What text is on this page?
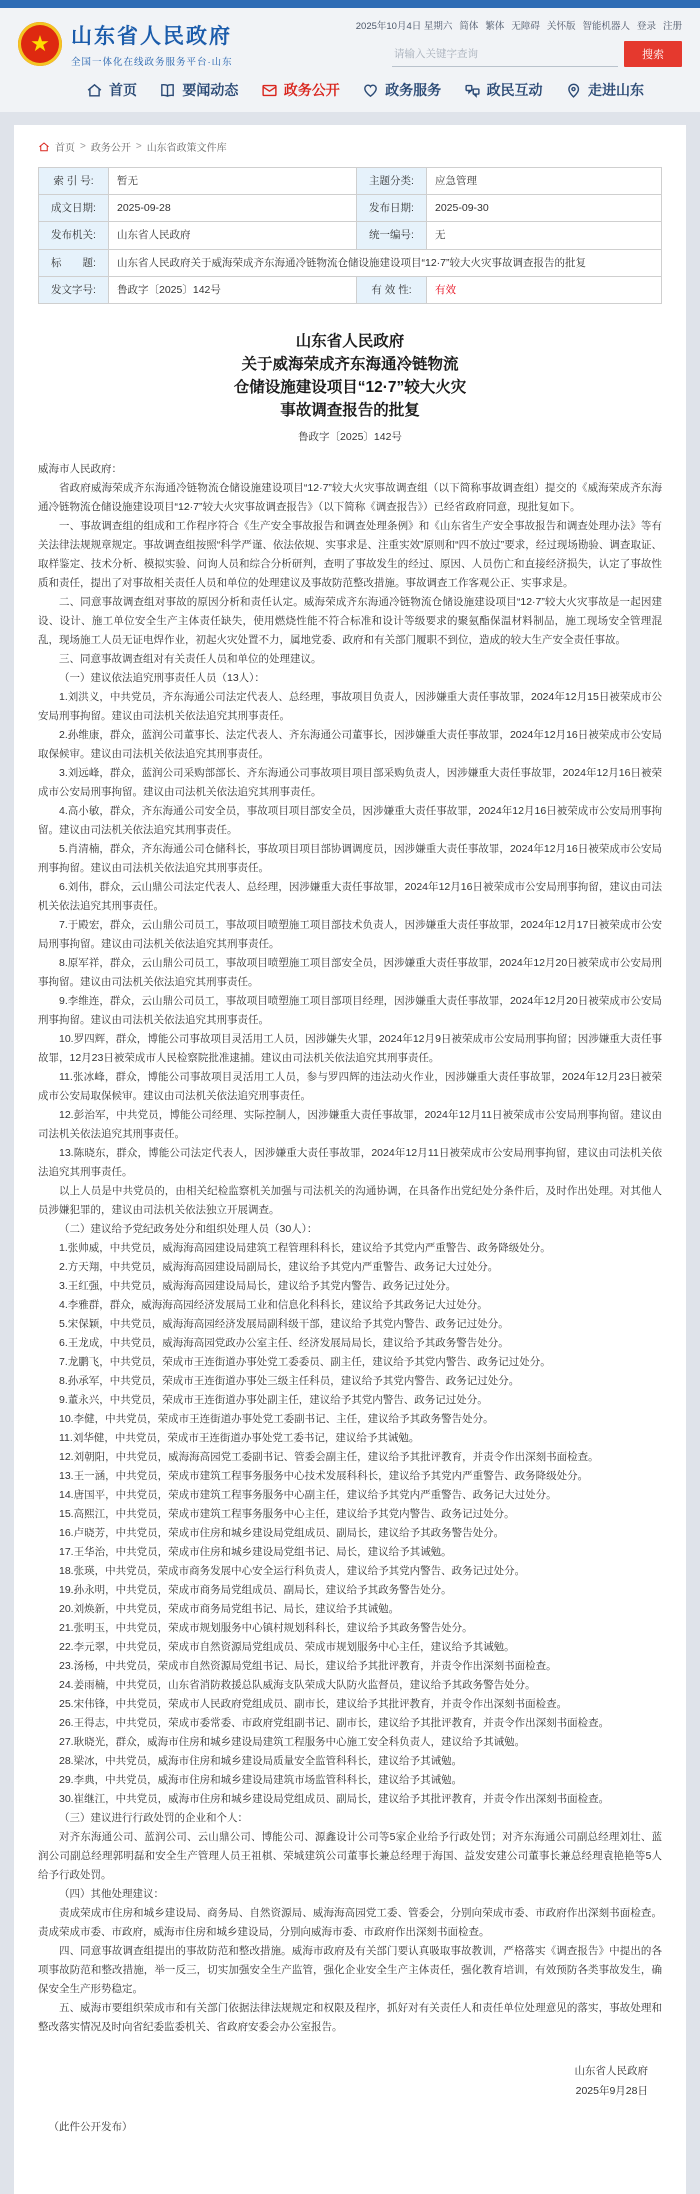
★	山东省人民政府
全国一体化在线政务服务平台·山东
2025年10月4日 星期六 简体 繁体 无障碍 关怀版 智能机器人 登录 注册
请输入关键字查询
搜索
首页	要闻动态	政务公开	政务服务	政民互动	走进山东
首页 > 政务公开 > 山东省政策文件库
索 引 号:	暂无	主题分类:	应急管理
成文日期:	2025-09-28	发布日期:	2025-09-30
发布机关:	山东省人民政府	统一编号:	无
标　　题:	山东省人民政府关于威海荣成齐东海通冷链物流仓储设施建设项目“12·7”较大火灾事故调查报告的批复		
发文字号:	鲁政字〔2025〕142号	有 效 性:	有效
山东省人民政府
关于威海荣成齐东海通冷链物流
仓储设施建设项目“12·7”较大火灾
事故调查报告的批复
鲁政字〔2025〕142号

威海市人民政府：

省政府威海荣成齐东海通冷链物流仓储设施建设项目“12·7”较大火灾事故调查组（以下简称事故调查组）提交的《威海荣成齐东海通冷链物流仓储设施建设项目“12·7”较大火灾事故调查报告》（以下简称《调查报告》）已经省政府同意，现批复如下。

一、事故调查组的组成和工作程序符合《生产安全事故报告和调查处理条例》和《山东省生产安全事故报告和调查处理办法》等有关法律法规规章规定。事故调查组按照“科学严谨、依法依规、实事求是、注重实效”原则和“四不放过”要求，经过现场勘验、调查取证、取样鉴定、技术分析、模拟实验、问询人员和综合分析研判，查明了事故发生的经过、原因、人员伤亡和直接经济损失，认定了事故性质和责任，提出了对事故相关责任人员和单位的处理建议及事故防范整改措施。事故调查工作客观公正、实事求是。

二、同意事故调查组对事故的原因分析和责任认定。威海荣成齐东海通冷链物流仓储设施建设项目“12·7”较大火灾事故是一起因建设、设计、施工单位安全生产主体责任缺失，使用燃烧性能不符合标准和设计等级要求的聚氨酯保温材料制品，施工现场安全管理混乱，现场施工人员无证电焊作业，初起火灾处置不力，属地党委、政府和有关部门履职不到位，造成的较大生产安全责任事故。

三、同意事故调查组对有关责任人员和单位的处理建议。

（一）建议依法追究刑事责任人员（13人）：

1.刘洪义，中共党员，齐东海通公司法定代表人、总经理，事故项目负责人，因涉嫌重大责任事故罪，2024年12月15日被荣成市公安局刑事拘留。建议由司法机关依法追究其刑事责任。

2.孙维康，群众，蓝润公司董事长、法定代表人、齐东海通公司董事长，因涉嫌重大责任事故罪，2024年12月16日被荣成市公安局取保候审。建议由司法机关依法追究其刑事责任。

3.刘远峰，群众，蓝润公司采购部部长、齐东海通公司事故项目项目部采购负责人，因涉嫌重大责任事故罪，2024年12月16日被荣成市公安局刑事拘留。建议由司法机关依法追究其刑事责任。

4.高小敏，群众，齐东海通公司安全员，事故项目项目部安全员，因涉嫌重大责任事故罪，2024年12月16日被荣成市公安局刑事拘留。建议由司法机关依法追究其刑事责任。

5.肖清楠，群众，齐东海通公司仓储科长，事故项目项目部协调调度员，因涉嫌重大责任事故罪，2024年12月16日被荣成市公安局刑事拘留。建议由司法机关依法追究其刑事责任。

6.刘伟，群众，云山鼎公司法定代表人、总经理，因涉嫌重大责任事故罪，2024年12月16日被荣成市公安局刑事拘留，建议由司法机关依法追究其刑事责任。

7.于殿宏，群众，云山鼎公司员工，事故项目喷塑施工项目部技术负责人，因涉嫌重大责任事故罪，2024年12月17日被荣成市公安局刑事拘留。建议由司法机关依法追究其刑事责任。

8.原军祥，群众，云山鼎公司员工，事故项目喷塑施工项目部安全员，因涉嫌重大责任事故罪，2024年12月20日被荣成市公安局刑事拘留。建议由司法机关依法追究其刑事责任。

9.李维连，群众，云山鼎公司员工，事故项目喷塑施工项目部项目经理，因涉嫌重大责任事故罪，2024年12月20日被荣成市公安局刑事拘留。建议由司法机关依法追究其刑事责任。

10.罗四辉，群众，博能公司事故项目灵活用工人员，因涉嫌失火罪，2024年12月9日被荣成市公安局刑事拘留；因涉嫌重大责任事故罪，12月23日被荣成市人民检察院批准逮捕。建议由司法机关依法追究其刑事责任。

11.张冰峰，群众，博能公司事故项目灵活用工人员，参与罗四辉的违法动火作业，因涉嫌重大责任事故罪，2024年12月23日被荣成市公安局取保候审。建议由司法机关依法追究刑事责任。

12.彭治军，中共党员，博能公司经理、实际控制人，因涉嫌重大责任事故罪，2024年12月11日被荣成市公安局刑事拘留。建议由司法机关依法追究其刑事责任。

13.陈晓东，群众，博能公司法定代表人，因涉嫌重大责任事故罪，2024年12月11日被荣成市公安局刑事拘留，建议由司法机关依法追究其刑事责任。

以上人员是中共党员的，由相关纪检监察机关加强与司法机关的沟通协调，在具备作出党纪处分条件后，及时作出处理。对其他人员涉嫌犯罪的，建议由司法机关依法独立开展调查。

（二）建议给予党纪政务处分和组织处理人员（30人）：

1.张帅威，中共党员，威海海高园建设局建筑工程管理科科长，建议给予其党内严重警告、政务降级处分。

2.方天翔，中共党员，威海海高园建设局副局长，建议给予其党内严重警告、政务记大过处分。

3.王红强，中共党员，威海海高园建设局局长，建议给予其党内警告、政务记过处分。

4.李雅群，群众，威海海高园经济发展局工业和信息化科科长，建议给予其政务记大过处分。

5.宋保颖，中共党员，威海海高园经济发展局副科级干部，建议给予其党内警告、政务记过处分。

6.王龙成，中共党员，威海海高园党政办公室主任、经济发展局局长，建议给予其政务警告处分。

7.龙鹏飞，中共党员，荣成市王连街道办事处党工委委员、副主任，建议给予其党内警告、政务记过处分。

8.孙承军，中共党员，荣成市王连街道办事处三级主任科员，建议给予其党内警告、政务记过处分。

9.董永兴，中共党员，荣成市王连街道办事处副主任，建议给予其党内警告、政务记过处分。

10.李健，中共党员，荣成市王连街道办事处党工委副书记、主任，建议给予其政务警告处分。

11.刘华健，中共党员，荣成市王连街道办事处党工委书记，建议给予其诫勉。

12.刘朝阳，中共党员，威海海高园党工委副书记、管委会副主任，建议给予其批评教育，并责令作出深刻书面检查。

13.王一涵，中共党员，荣成市建筑工程事务服务中心技术发展科科长，建议给予其党内严重警告、政务降级处分。

14.唐国平，中共党员，荣成市建筑工程事务服务中心副主任，建议给予其党内严重警告、政务记大过处分。

15.高熙江，中共党员，荣成市建筑工程事务服务中心主任，建议给予其党内警告、政务记过处分。

16.卢晓芳，中共党员，荣成市住房和城乡建设局党组成员、副局长，建议给予其政务警告处分。

17.王华治，中共党员，荣成市住房和城乡建设局党组书记、局长，建议给予其诫勉。

18.张瑛，中共党员，荣成市商务发展中心安全运行科负责人，建议给予其党内警告、政务记过处分。

19.孙永明，中共党员，荣成市商务局党组成员、副局长，建议给予其政务警告处分。

20.刘焕新，中共党员，荣成市商务局党组书记、局长，建议给予其诫勉。

21.张明玉，中共党员，荣成市规划服务中心镇村规划科科长，建议给予其政务警告处分。

22.李元翠，中共党员，荣成市自然资源局党组成员、荣成市规划服务中心主任，建议给予其诫勉。

23.汤杨，中共党员，荣成市自然资源局党组书记、局长，建议给予其批评教育，并责令作出深刻书面检查。

24.姜雨楠，中共党员，山东省消防救援总队威海支队荣成大队防火监督员，建议给予其政务警告处分。

25.宋伟锋，中共党员，荣成市人民政府党组成员、副市长，建议给予其批评教育，并责令作出深刻书面检查。

26.王得志，中共党员，荣成市委常委、市政府党组副书记、副市长，建议给予其批评教育，并责令作出深刻书面检查。

27.耿晓光，群众，威海市住房和城乡建设局建筑工程服务中心施工安全科负责人，建议给予其诫勉。

28.梁冰，中共党员，威海市住房和城乡建设局质量安全监管科科长，建议给予其诫勉。

29.李典，中共党员，威海市住房和城乡建设局建筑市场监管科科长，建议给予其诫勉。

30.崔继江，中共党员，威海市住房和城乡建设局党组成员、副局长，建议给予其批评教育，并责令作出深刻书面检查。

（三）建议进行行政处罚的企业和个人：

对齐东海通公司、蓝润公司、云山鼎公司、博能公司、源鑫设计公司等5家企业给予行政处罚；对齐东海通公司副总经理刘壮、蓝润公司副总经理郭明磊和安全生产管理人员王祖棋、荣城建筑公司董事长兼总经理于海国、益发安建公司董事长兼总经理袁艳艳等5人给予行政处罚。

（四）其他处理建议：

责成荣成市住房和城乡建设局、商务局、自然资源局、威海海高园党工委、管委会，分别向荣成市委、市政府作出深刻书面检查。责成荣成市委、市政府，威海市住房和城乡建设局，分别向威海市委、市政府作出深刻书面检查。

四、同意事故调查组提出的事故防范和整改措施。威海市政府及有关部门要认真吸取事故教训，严格落实《调查报告》中提出的各项事故防范和整改措施，举一反三，切实加强安全生产监管，强化企业安全生产主体责任，强化教育培训，有效预防各类事故发生，确保安全生产形势稳定。

五、威海市要组织荣成市和有关部门依据法律法规规定和权限及程序，抓好对有关责任人和责任单位处理意见的落实，事故处理和整改落实情况及时向省纪委监委机关、省政府安委会办公室报告。

山东省人民政府
2025年9月28日
（此件公开发布）
